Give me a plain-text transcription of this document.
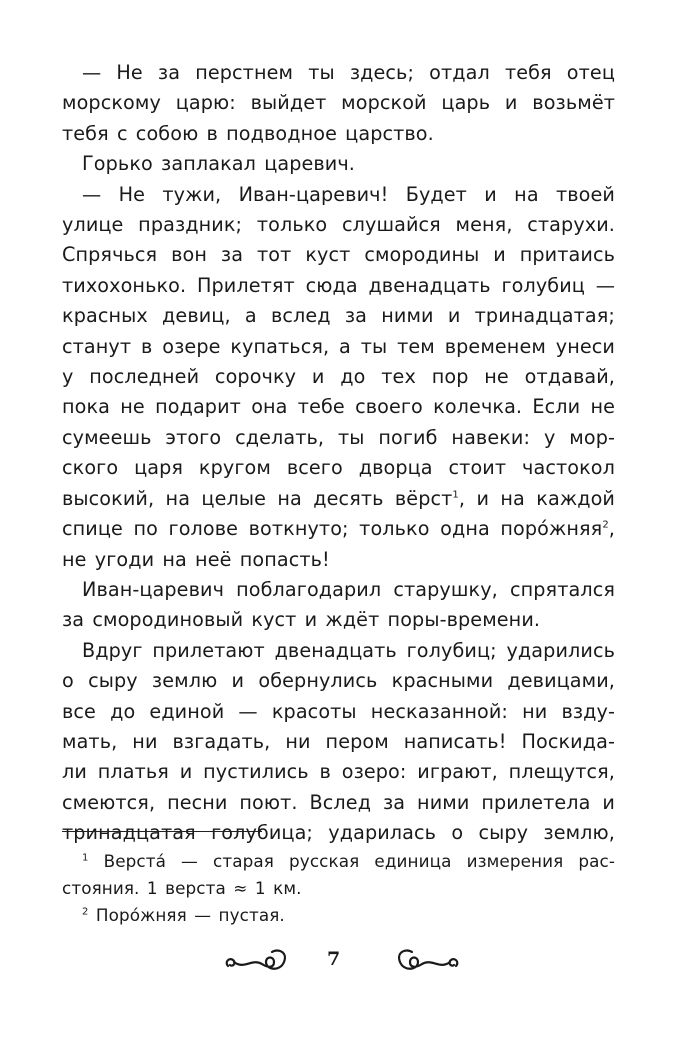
— Не за перстнем ты здесь; отдал тебя отец
морскому царю: выйдет морской царь и возьмёт
тебя с собою в подводное царство.

Горько заплакал царевич.

— Не тужи, Иван-царевич! Будет и на твоей
улице праздник; только слушайся меня, старухи.
Спрячься вон за тот куст смородины и притаись
тихохонько. Прилетят сюда двенадцать голубиц —
красных девиц, а вслед за ними и тринадцатая;
станут в озере купаться, а ты тем временем унеси
у последней сорочку и до тех пор не отдавай,
пока не подарит она тебе своего колечка. Если не
сумеешь этого сделать, ты погиб навеки: у мор-
ского царя кругом всего дворца стоит частокол
высокий, на целые на десять вёрст$^1$, и на каждой
спице по голове воткнуто; только одна поро́жняя$^2$,
не угоди на неё попасть!

Иван-царевич поблагодарил старушку, спрятался
за смородиновый куст и ждёт поры-времени.

Вдруг прилетают двенадцать голубиц; ударились
о сыру землю и обернулись красными девицами,
все до единой — красоты несказанной: ни взду-
мать, ни взгадать, ни пером написать! Поскида-
ли платья и пустились в озеро: играют, плещутся,
смеются, песни поют. Вслед за ними прилетела и
тринадцатая голубица; ударилась о сыру землю,

$^1$ Верста́ — старая русская единица измерения рас-
стояния. 1 верста ≈ 1 км.

$^2$ Поро́жняя — пустая.

7
